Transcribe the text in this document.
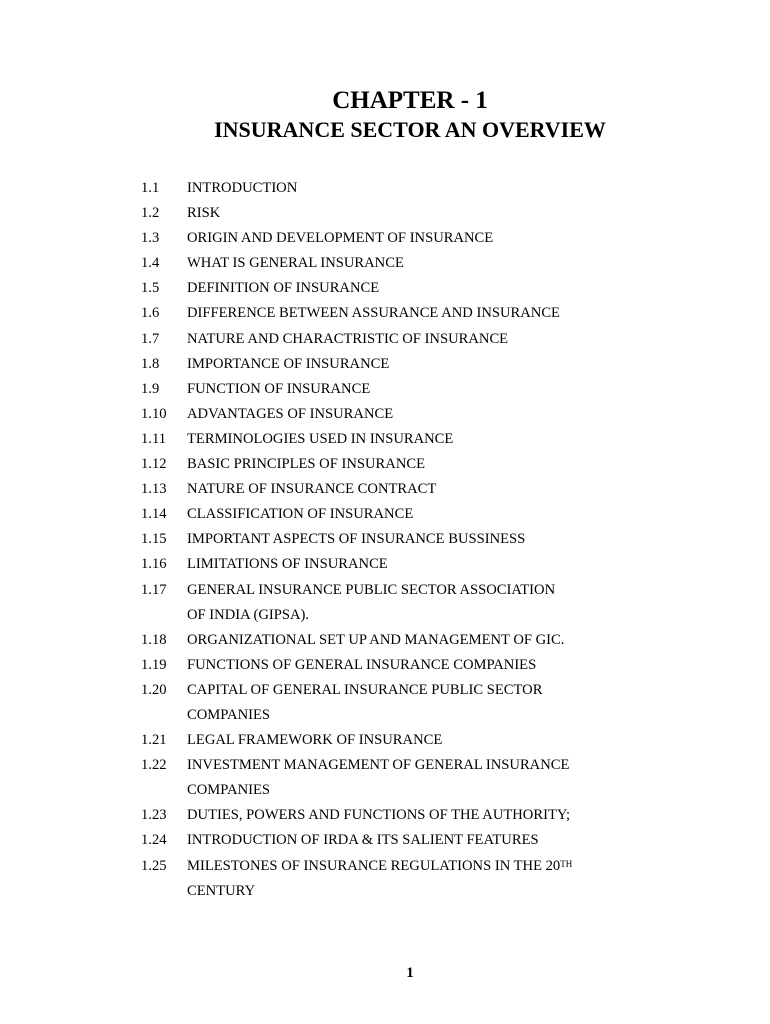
CHAPTER - 1
INSURANCE SECTOR AN OVERVIEW
1.1	INTRODUCTION
1.2	RISK
1.3	ORIGIN AND DEVELOPMENT OF INSURANCE
1.4	WHAT IS GENERAL INSURANCE
1.5	DEFINITION OF INSURANCE
1.6	DIFFERENCE BETWEEN ASSURANCE AND INSURANCE
1.7	NATURE AND CHARACTRISTIC OF INSURANCE
1.8	IMPORTANCE OF INSURANCE
1.9	FUNCTION OF INSURANCE
1.10	ADVANTAGES OF INSURANCE
1.11	TERMINOLOGIES USED IN INSURANCE
1.12	BASIC PRINCIPLES OF INSURANCE
1.13	NATURE OF INSURANCE CONTRACT
1.14	CLASSIFICATION OF INSURANCE
1.15	IMPORTANT ASPECTS OF INSURANCE BUSSINESS
1.16	LIMITATIONS OF INSURANCE
1.17	GENERAL INSURANCE PUBLIC SECTOR ASSOCIATION
OF INDIA (GIPSA).
1.18	ORGANIZATIONAL SET UP AND MANAGEMENT OF GIC.
1.19	FUNCTIONS OF GENERAL INSURANCE COMPANIES
1.20	CAPITAL OF GENERAL INSURANCE PUBLIC SECTOR
COMPANIES
1.21	LEGAL FRAMEWORK OF INSURANCE
1.22	INVESTMENT MANAGEMENT OF GENERAL INSURANCE
COMPANIES
1.23	DUTIES, POWERS AND FUNCTIONS OF THE AUTHORITY;
1.24	INTRODUCTION OF IRDA & ITS SALIENT FEATURES
1.25	MILESTONES OF INSURANCE REGULATIONS IN THE 20TH
CENTURY
1
